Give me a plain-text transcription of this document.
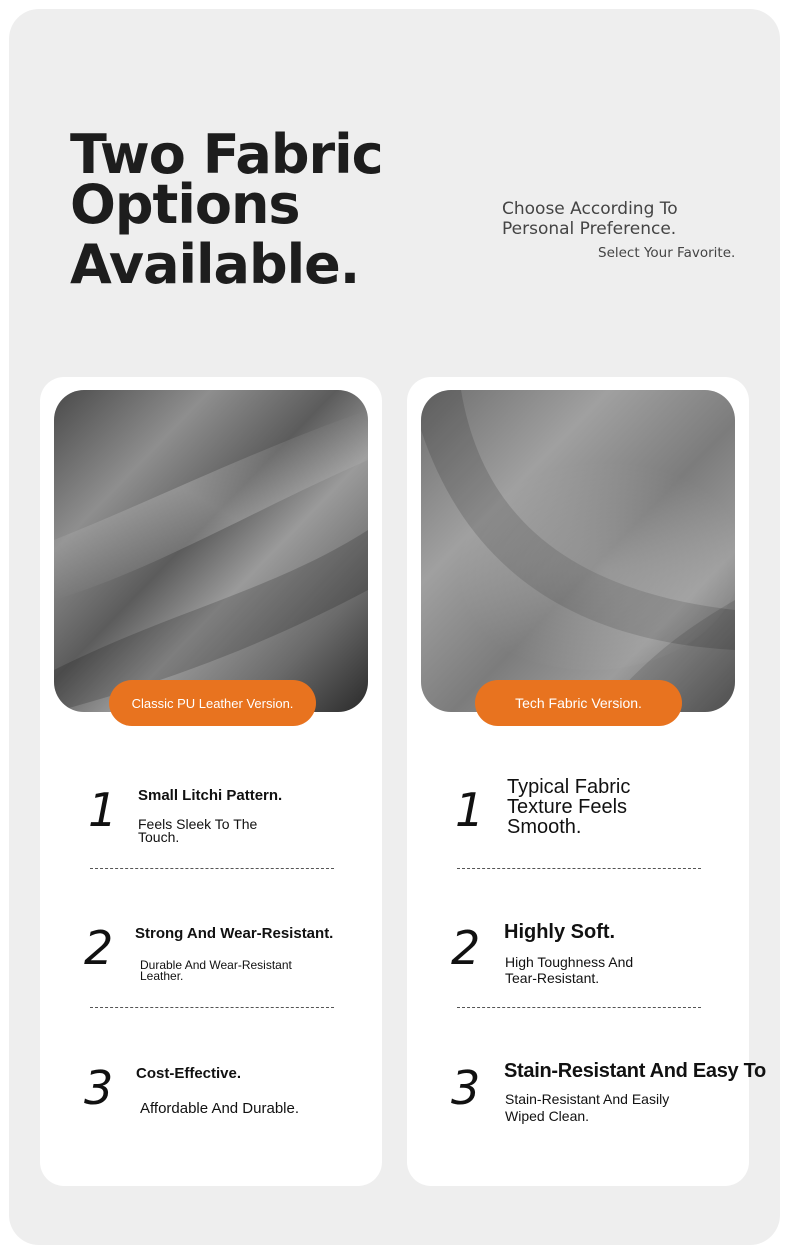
Two Fabric
Options
Available.
Choose According To Personal Preference.
Select Your Favorite.
Classic PU Leather Version.
1 Small Litchi Pattern.
Feels Sleek To The Touch.
2 Strong And Wear-Resistant.
Durable And Wear-Resistant Leather.
3 Cost-Effective.
Affordable And Durable.
Tech Fabric Version.
1 Typical Fabric Texture Feels Smooth.
2 Highly Soft.
High Toughness And Tear-Resistant.
3 Stain-Resistant And Easy To
Stain-Resistant And Easily Wiped Clean.
